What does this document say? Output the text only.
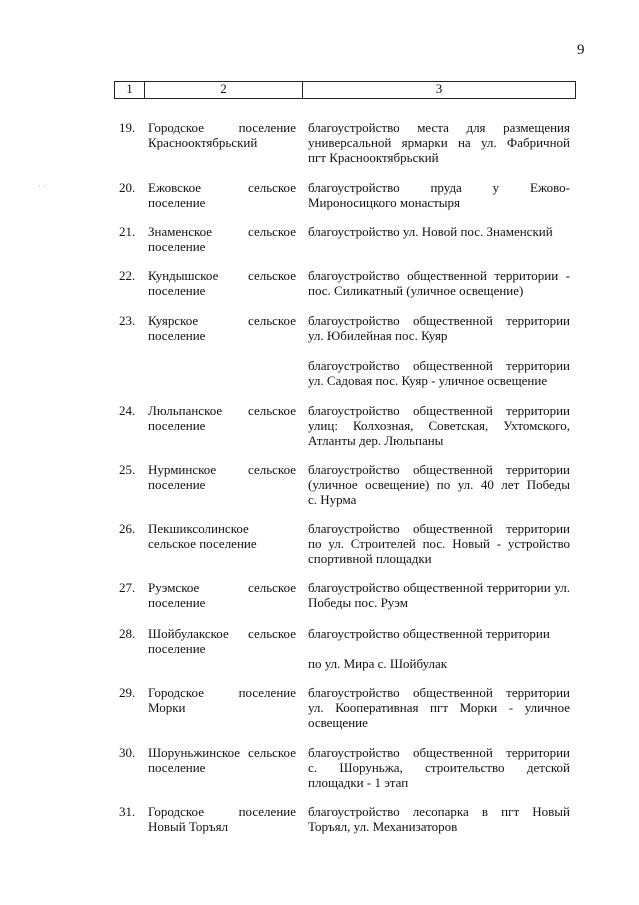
9
· ·
1	2	3
19. Городское поселение
Краснооктябрьский
благоустройство места для размещения
универсальной ярмарки на ул. Фабричной
пгт Краснооктябрьский
20. Ежовское сельское
поселение
благоустройство пруда у Ежово-
Мироносицкого монастыря
21. Знаменское сельское
поселение
благоустройство ул. Новой пос. Знаменский
22. Кундышское сельское
поселение
благоустройство общественной территории -
пос. Силикатный (уличное освещение)
23. Куярское сельское
поселение
благоустройство общественной территории
ул. Юбилейная пос. Куяр
благоустройство общественной территории
ул. Садовая пос. Куяр - уличное освещение
24. Люльпанское сельское
поселение
благоустройство общественной территории
улиц: Колхозная, Советская, Ухтомского,
Атланты дер. Люльпаны
25. Нурминское сельское
поселение
благоустройство общественной территории
(уличное освещение) по ул. 40 лет Победы
с. Нурма
26. Пекшиксолинское
сельское поселение
благоустройство общественной территории
по ул. Строителей пос. Новый - устройство
спортивной площадки
27. Руэмское сельское
поселение
благоустройство общественной территории ул.
Победы пос. Руэм
28. Шойбулакское сельское
поселение
благоустройство общественной территории
по ул. Мира с. Шойбулак
29. Городское поселение
Морки
благоустройство общественной территории
ул. Кооперативная пгт Морки - уличное
освещение
30. Шоруньжинское сельское
поселение
благоустройство общественной территории
с. Шоруньжа, строительство детской
площадки - 1 этап
31. Городское поселение
Новый Торъял
благоустройство лесопарка в пгт Новый
Торъял, ул. Механизаторов
